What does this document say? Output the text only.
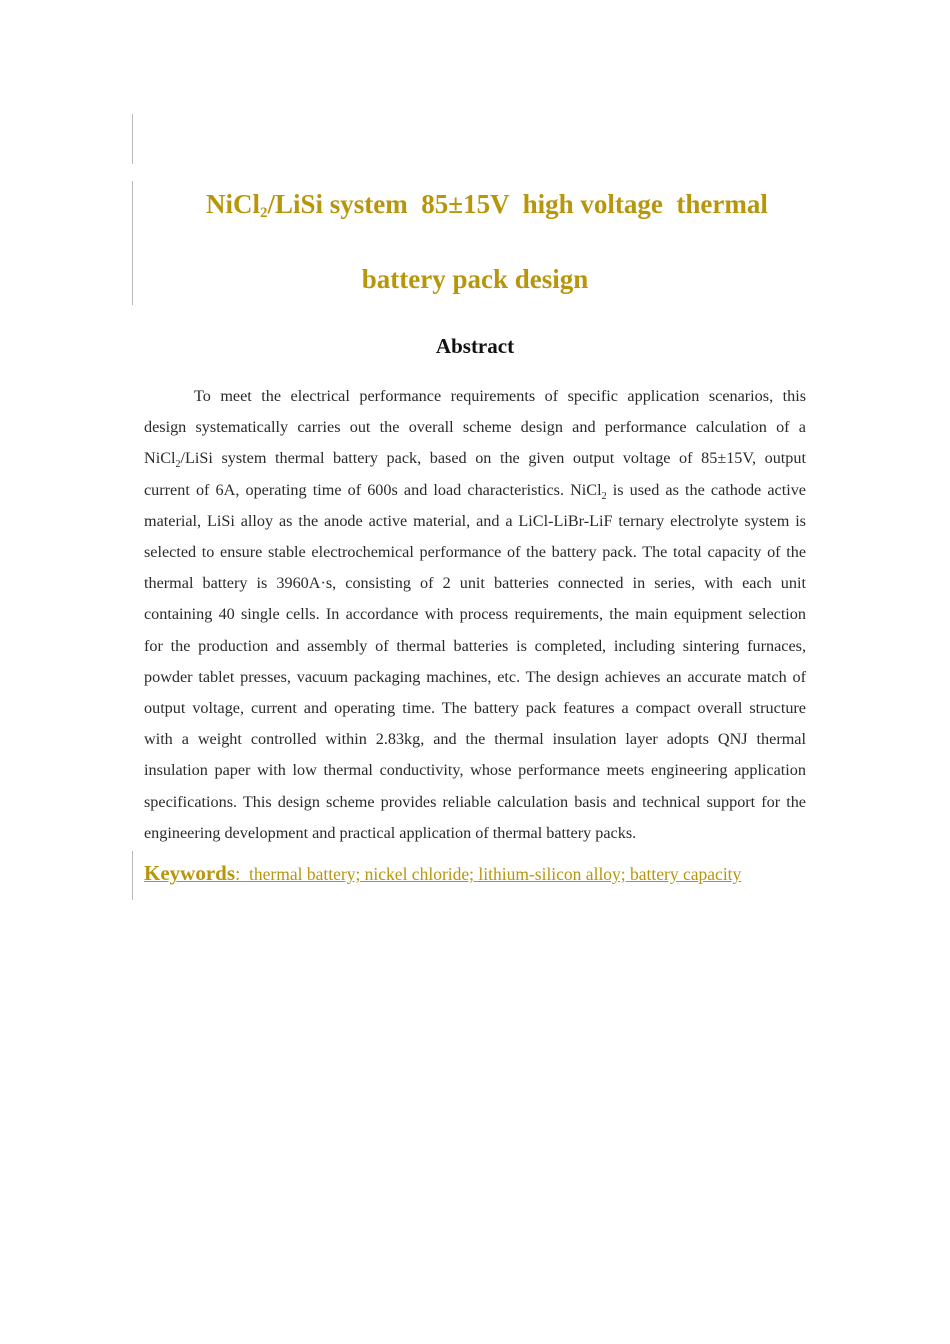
NiCl$_2$/LiSi system  85±15V  high voltage  thermal
battery pack design
Abstract
To meet the electrical performance requirements of specific application scenarios, this
design systematically carries out the overall scheme design and performance calculation of a
NiCl$_2$/LiSi system thermal battery pack, based on the given output voltage of 85±15V, output
current of 6A, operating time of 600s and load characteristics. NiCl$_2$ is used as the cathode active
material, LiSi alloy as the anode active material, and a LiCl-LiBr-LiF ternary electrolyte system is
selected to ensure stable electrochemical performance of the battery pack. The total capacity of the
thermal battery is 3960A·s, consisting of 2 unit batteries connected in series, with each unit
containing 40 single cells. In accordance with process requirements, the main equipment selection
for the production and assembly of thermal batteries is completed, including sintering furnaces,
powder tablet presses, vacuum packaging machines, etc. The design achieves an accurate match of
output voltage, current and operating time. The battery pack features a compact overall structure
with a weight controlled within 2.83kg, and the thermal insulation layer adopts QNJ thermal
insulation paper with low thermal conductivity, whose performance meets engineering application
specifications. This design scheme provides reliable calculation basis and technical support for the
engineering development and practical application of thermal battery packs.
Keywords: thermal battery; nickel chloride; lithium-silicon alloy; battery capacity
